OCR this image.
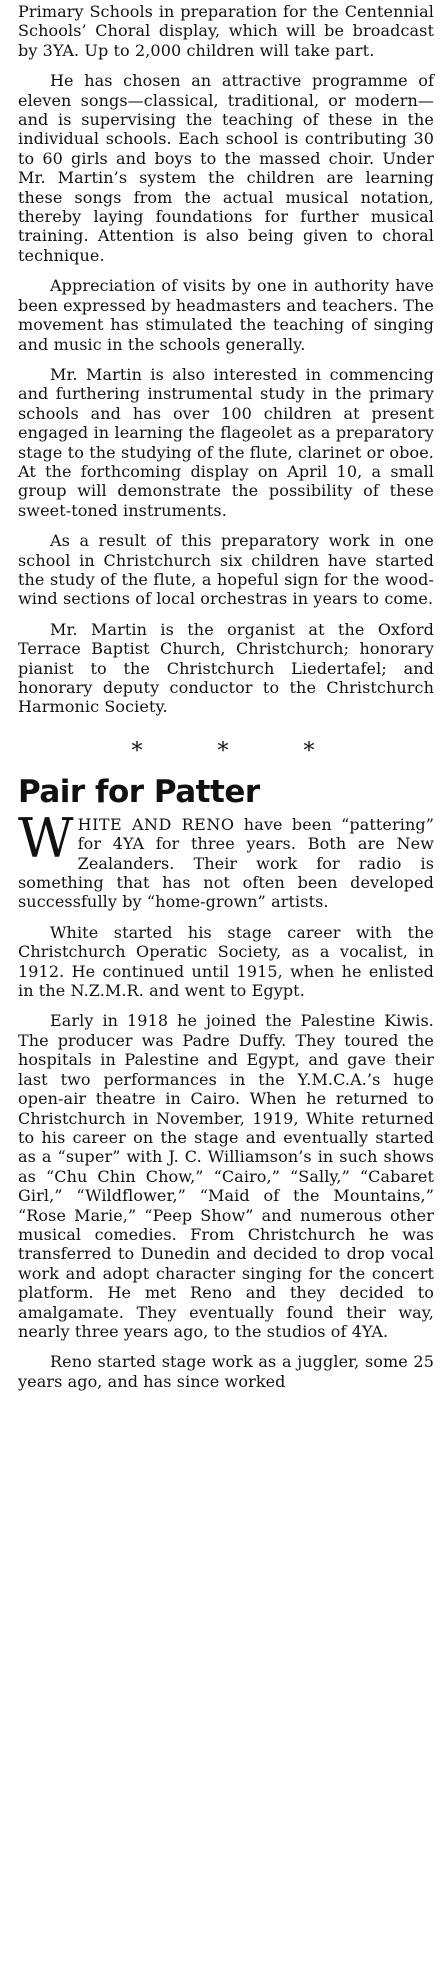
Primary Schools in preparation for the Centennial Schools’ Choral display, which will be broadcast by 3YA. Up to 2,000 children will take part.

He has chosen an attractive programme of eleven songs—classical, traditional, or modern—and is supervising the teaching of these in the individual schools. Each school is contributing 30 to 60 girls and boys to the massed choir. Under Mr. Martin’s system the children are learning these songs from the actual musical notation, thereby laying foundations for further musical training. Attention is also being given to choral technique.

Appreciation of visits by one in authority have been expressed by headmasters and teachers. The movement has stimulated the teaching of singing and music in the schools generally.

Mr. Martin is also interested in commencing and furthering instrumental study in the primary schools and has over 100 children at present engaged in learning the flageolet as a preparatory stage to the studying of the flute, clarinet or oboe. At the forthcoming display on April 10, a small group will demonstrate the possibility of these sweet-toned instruments.

As a result of this preparatory work in one school in Christchurch six children have started the study of the flute, a hopeful sign for the wood-wind sections of local orchestras in years to come.

Mr. Martin is the organist at the Oxford Terrace Baptist Church, Christchurch; honorary pianist to the Christchurch Liedertafel; and honorary deputy conductor to the Christchurch Harmonic Society.

* * *
Pair for Patter

WHITE AND RENO have been “pattering” for 4YA for three years. Both are New Zealanders. Their work for radio is something that has not often been developed successfully by “home-grown” artists.

White started his stage career with the Christchurch Operatic Society, as a vocalist, in 1912. He continued until 1915, when he enlisted in the N.Z.M.R. and went to Egypt.

Early in 1918 he joined the Palestine Kiwis. The producer was Padre Duffy. They toured the hospitals in Palestine and Egypt, and gave their last two performances in the Y.M.C.A.’s huge open-air theatre in Cairo. When he returned to Christchurch in November, 1919, White returned to his career on the stage and eventually started as a “super” with J. C. Williamson’s in such shows as “Chu Chin Chow,” “Cairo,” “Sally,” “Cabaret Girl,” “Wildflower,” “Maid of the Mountains,” “Rose Marie,” “Peep Show” and numerous other musical comedies. From Christchurch he was transferred to Dunedin and decided to drop vocal work and adopt character singing for the concert platform. He met Reno and they decided to amalgamate. They eventually found their way, nearly three years ago, to the studios of 4YA.

Reno started stage work as a juggler, some 25 years ago, and has since worked
